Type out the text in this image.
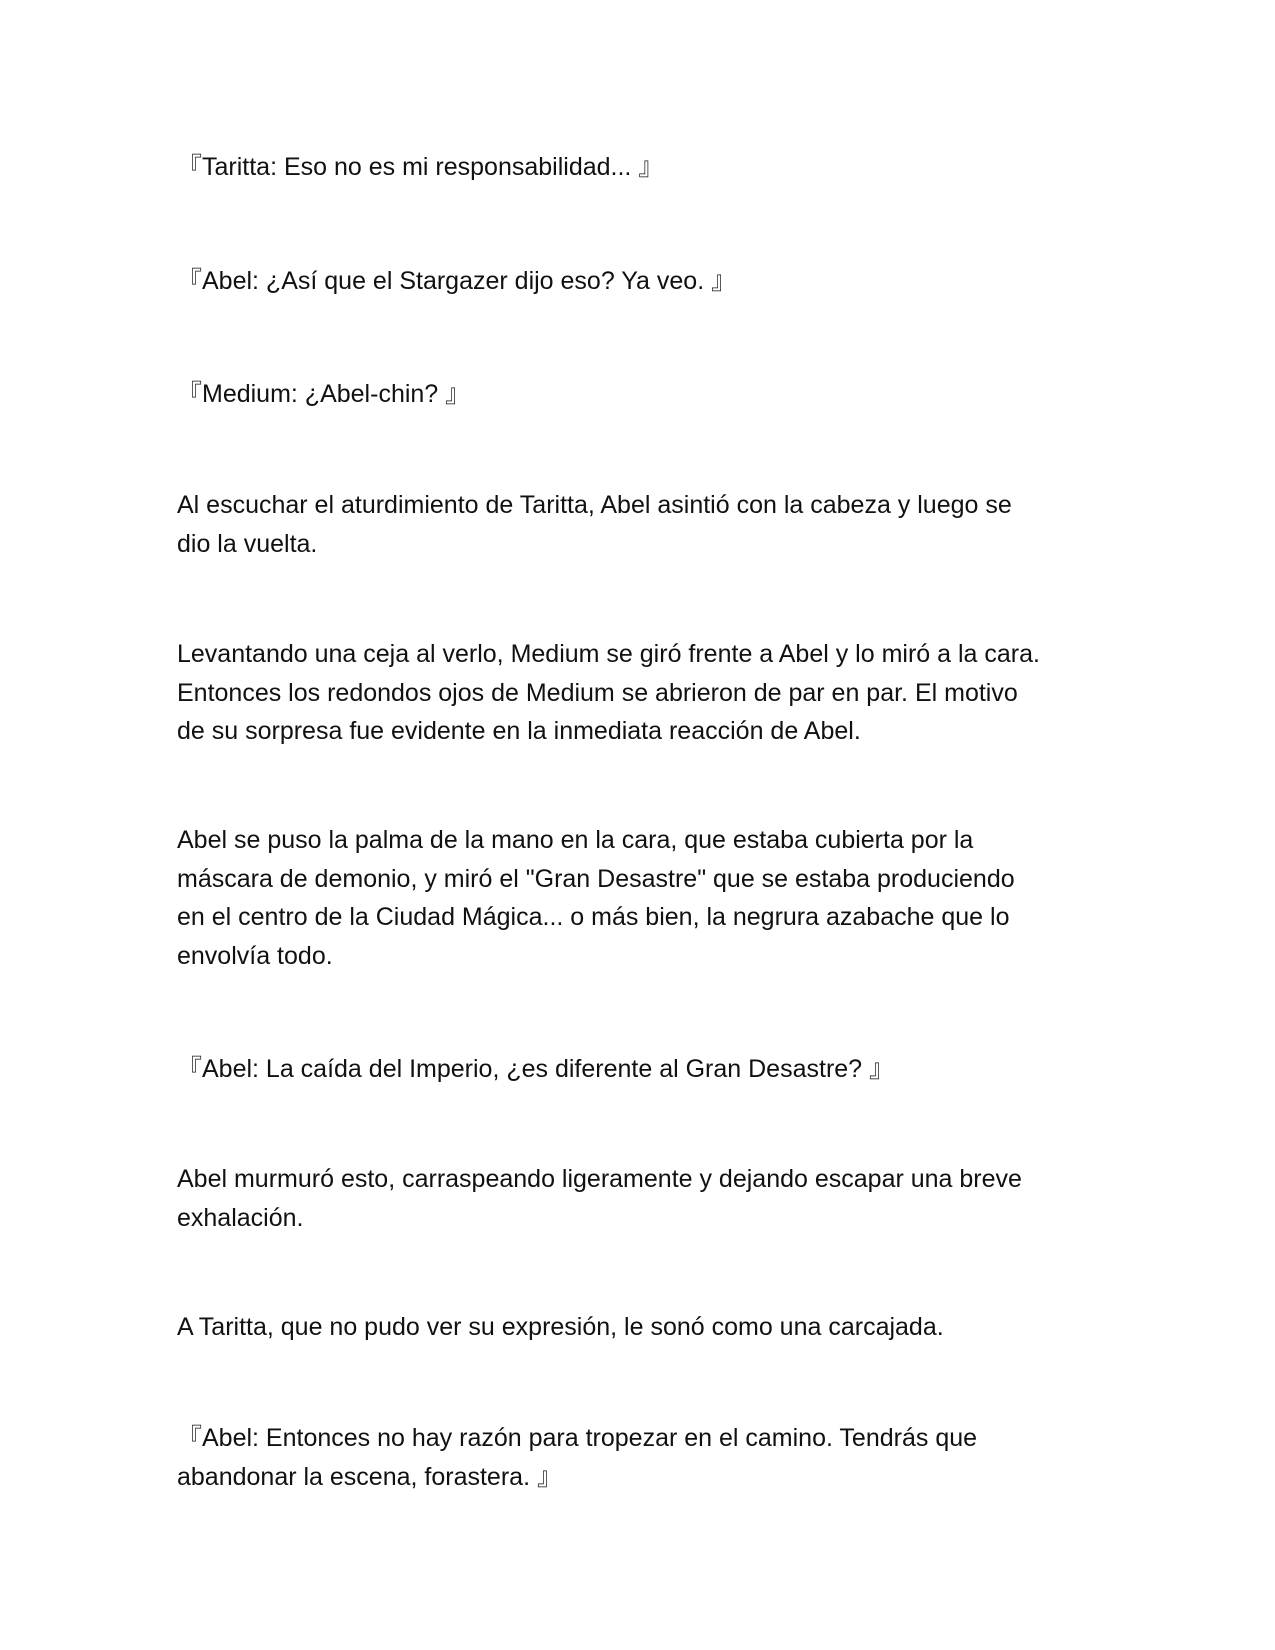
『Taritta: Eso no es mi responsabilidad... 』

『Abel: ¿Así que el Stargazer dijo eso? Ya veo. 』

『Medium: ¿Abel-chin? 』

Al escuchar el aturdimiento de Taritta, Abel asintió con la cabeza y luego se
dio la vuelta.

Levantando una ceja al verlo, Medium se giró frente a Abel y lo miró a la cara.
Entonces los redondos ojos de Medium se abrieron de par en par. El motivo
de su sorpresa fue evidente en la inmediata reacción de Abel.

Abel se puso la palma de la mano en la cara, que estaba cubierta por la
máscara de demonio, y miró el "Gran Desastre" que se estaba produciendo
en el centro de la Ciudad Mágica... o más bien, la negrura azabache que lo
envolvía todo.

『Abel: La caída del Imperio, ¿es diferente al Gran Desastre? 』

Abel murmuró esto, carraspeando ligeramente y dejando escapar una breve
exhalación.

A Taritta, que no pudo ver su expresión, le sonó como una carcajada.

『Abel: Entonces no hay razón para tropezar en el camino. Tendrás que
abandonar la escena, forastera. 』
